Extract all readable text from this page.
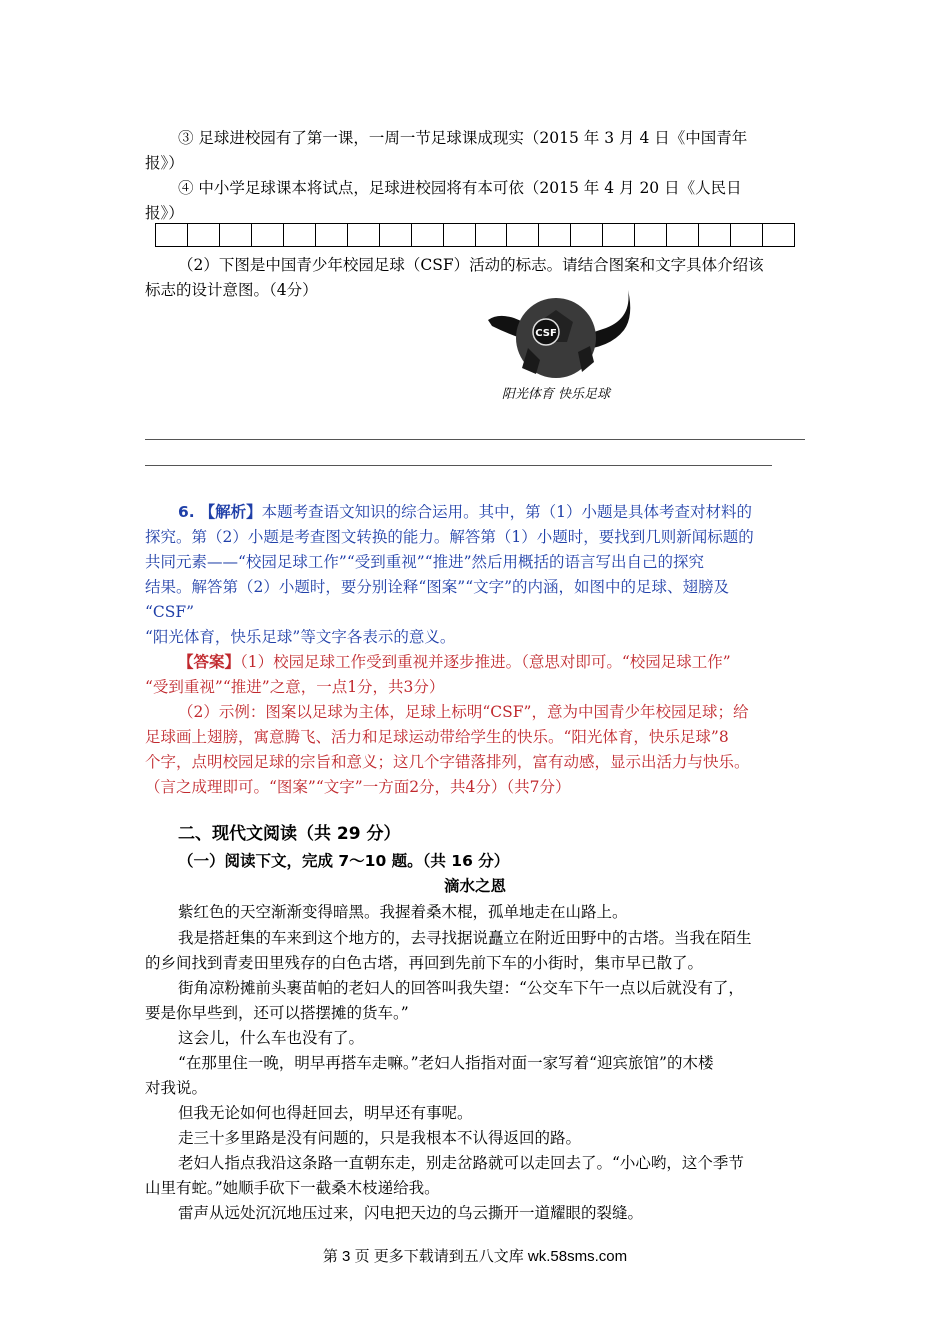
③ 足球进校园有了第一课，一周一节足球课成现实（2015 年 3 月 4 日《中国青年
报》）
④ 中小学足球课本将试点，足球进校园将有本可依（2015 年 4 月 20 日《人民日
报》）
（2）下图是中国青少年校园足球（CSF）活动的标志。请结合图案和文字具体介绍该
标志的设计意图。（4分）
CSF
阳光体育 快乐足球
6. 【解析】本题考查语文知识的综合运用。其中，第（1）小题是具体考查对材料的
探究。第（2）小题是考查图文转换的能力。解答第（1）小题时，要找到几则新闻标题的
共同元素——“校园足球工作”“受到重视”“推进”然后用概括的语言写出自己的探究
结果。解答第（2）小题时，要分别诠释“图案”“文字”的内涵，如图中的足球、翅膀及
“CSF”
“阳光体育，快乐足球”等文字各表示的意义。
【答案】（1）校园足球工作受到重视并逐步推进。（意思对即可。“校园足球工作”
“受到重视”“推进”之意，一点1分，共3分）
（2）示例：图案以足球为主体，足球上标明“CSF”，意为中国青少年校园足球；给
足球画上翅膀，寓意腾飞、活力和足球运动带给学生的快乐。“阳光体育，快乐足球”8
个字，点明校园足球的宗旨和意义；这几个字错落排列，富有动感，显示出活力与快乐。
（言之成理即可。“图案”“文字”一方面2分，共4分）（共7分）
二、现代文阅读（共 29 分）
（一）阅读下文，完成 7～10 题。（共 16 分）
滴水之恩
紫红色的天空渐渐变得暗黑。我握着桑木棍，孤单地走在山路上。
我是搭赶集的车来到这个地方的，去寻找据说矗立在附近田野中的古塔。当我在陌生
的乡间找到青麦田里残存的白色古塔，再回到先前下车的小街时，集市早已散了。
街角凉粉摊前头裹苗帕的老妇人的回答叫我失望：“公交车下午一点以后就没有了，
要是你早些到，还可以搭摆摊的货车。”
这会儿，什么车也没有了。
“在那里住一晚，明早再搭车走嘛。”老妇人指指对面一家写着“迎宾旅馆”的木楼
对我说。
但我无论如何也得赶回去，明早还有事呢。
走三十多里路是没有问题的，只是我根本不认得返回的路。
老妇人指点我沿这条路一直朝东走，别走岔路就可以走回去了。“小心哟，这个季节
山里有蛇。”她顺手砍下一截桑木枝递给我。
雷声从远处沉沉地压过来，闪电把天边的乌云撕开一道耀眼的裂缝。
第 3 页 更多下载请到五八文库 wk.58sms.com
